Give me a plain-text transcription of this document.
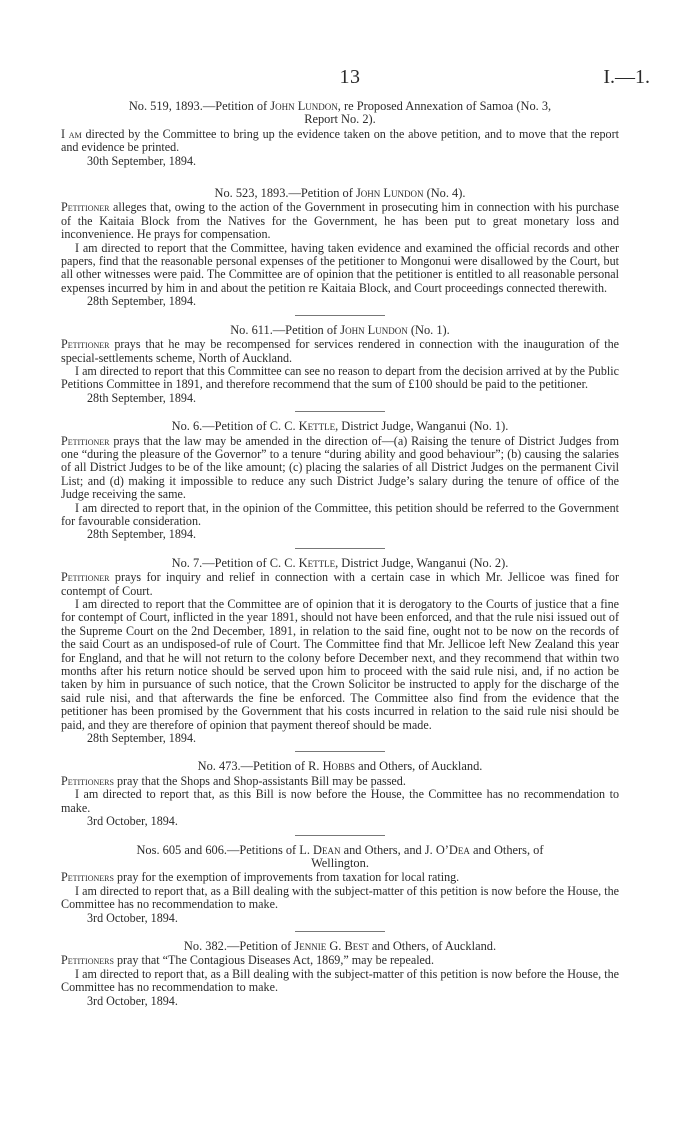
13	I.—1.
No. 519, 1893.—Petition of John Lundon, re Proposed Annexation of Samoa (No. 3,
Report No. 2).

I am directed by the Committee to bring up the evidence taken on the above petition, and to move that the report and evidence be printed.

30th September, 1894.

No. 523, 1893.—Petition of John Lundon (No. 4).

Petitioner alleges that, owing to the action of the Government in prosecuting him in connection with his purchase of the Kaitaia Block from the Natives for the Government, he has been put to great monetary loss and inconvenience. He prays for compensation.

I am directed to report that the Committee, having taken evidence and examined the official records and other papers, find that the reasonable personal expenses of the petitioner to Mongonui were disallowed by the Court, but all other witnesses were paid. The Committee are of opinion that the petitioner is entitled to all reasonable personal expenses incurred by him in and about the petition re Kaitaia Block, and Court proceedings connected therewith.

28th September, 1894.

No. 611.—Petition of John Lundon (No. 1).

Petitioner prays that he may be recompensed for services rendered in connection with the inauguration of the special-settlements scheme, North of Auckland.

I am directed to report that this Committee can see no reason to depart from the decision arrived at by the Public Petitions Committee in 1891, and therefore recommend that the sum of £100 should be paid to the petitioner.

28th September, 1894.

No. 6.—Petition of C. C. Kettle, District Judge, Wanganui (No. 1).

Petitioner prays that the law may be amended in the direction of—(a) Raising the tenure of District Judges from one “during the pleasure of the Governor” to a tenure “during ability and good behaviour”; (b) causing the salaries of all District Judges to be of the like amount; (c) placing the salaries of all District Judges on the permanent Civil List; and (d) making it impossible to reduce any such District Judge’s salary during the tenure of office of the Judge receiving the same.

I am directed to report that, in the opinion of the Committee, this petition should be referred to the Government for favourable consideration.

28th September, 1894.

No. 7.—Petition of C. C. Kettle, District Judge, Wanganui (No. 2).

Petitioner prays for inquiry and relief in connection with a certain case in which Mr. Jellicoe was fined for contempt of Court.

I am directed to report that the Committee are of opinion that it is derogatory to the Courts of justice that a fine for contempt of Court, inflicted in the year 1891, should not have been enforced, and that the rule nisi issued out of the Supreme Court on the 2nd December, 1891, in relation to the said fine, ought not to be now on the records of the said Court as an undisposed-of rule of Court. The Committee find that Mr. Jellicoe left New Zealand this year for England, and that he will not return to the colony before December next, and they recommend that within two months after his return notice should be served upon him to proceed with the said rule nisi, and, if no action be taken by him in pursuance of such notice, that the Crown Solicitor be instructed to apply for the discharge of the said rule nisi, and that afterwards the fine be enforced. The Committee also find from the evidence that the petitioner has been promised by the Government that his costs incurred in relation to the said rule nisi should be paid, and they are therefore of opinion that payment thereof should be made.

28th September, 1894.

No. 473.—Petition of R. Hobbs and Others, of Auckland.

Petitioners pray that the Shops and Shop-assistants Bill may be passed.

I am directed to report that, as this Bill is now before the House, the Committee has no recommendation to make.

3rd October, 1894.

Nos. 605 and 606.—Petitions of L. Dean and Others, and J. O’Dea and Others, of
Wellington.

Petitioners pray for the exemption of improvements from taxation for local rating.

I am directed to report that, as a Bill dealing with the subject-matter of this petition is now before the House, the Committee has no recommendation to make.

3rd October, 1894.

No. 382.—Petition of Jennie G. Best and Others, of Auckland.

Petitioners pray that “The Contagious Diseases Act, 1869,” may be repealed.

I am directed to report that, as a Bill dealing with the subject-matter of this petition is now before the House, the Committee has no recommendation to make.

3rd October, 1894.
